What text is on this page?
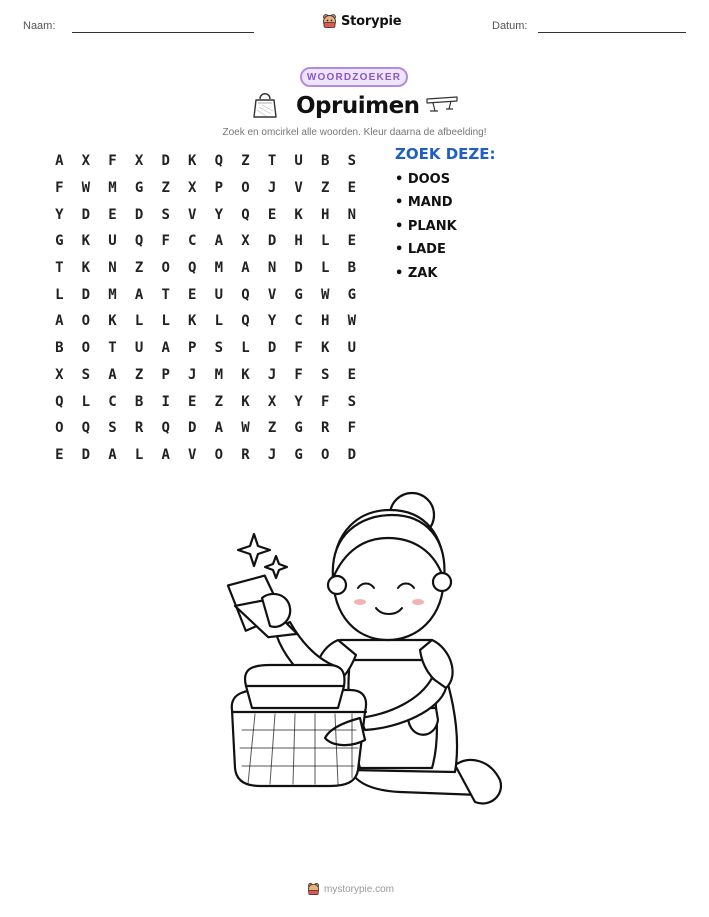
Naam:	Storypie	Datum:
WOORDZOEKER
Opruimen
Zoek en omcirkel alle woorden. Kleur daarna de afbeelding!
A	X	F	X	D	K	Q	Z	T	U	B	S
F	W	M	G	Z	X	P	O	J	V	Z	E
Y	D	E	D	S	V	Y	Q	E	K	H	N
G	K	U	Q	F	C	A	X	D	H	L	E
T	K	N	Z	O	Q	M	A	N	D	L	B
L	D	M	A	T	E	U	Q	V	G	W	G
A	O	K	L	L	K	L	Q	Y	C	H	W
B	O	T	U	A	P	S	L	D	F	K	U
X	S	A	Z	P	J	M	K	J	F	S	E
Q	L	C	B	I	E	Z	K	X	Y	F	S
O	Q	S	R	Q	D	A	W	Z	G	R	F
E	D	A	L	A	V	O	R	J	G	O	D
ZOEK DEZE:
• DOOS
• MAND
• PLANK
• LADE
• ZAK
mystorypie.com
